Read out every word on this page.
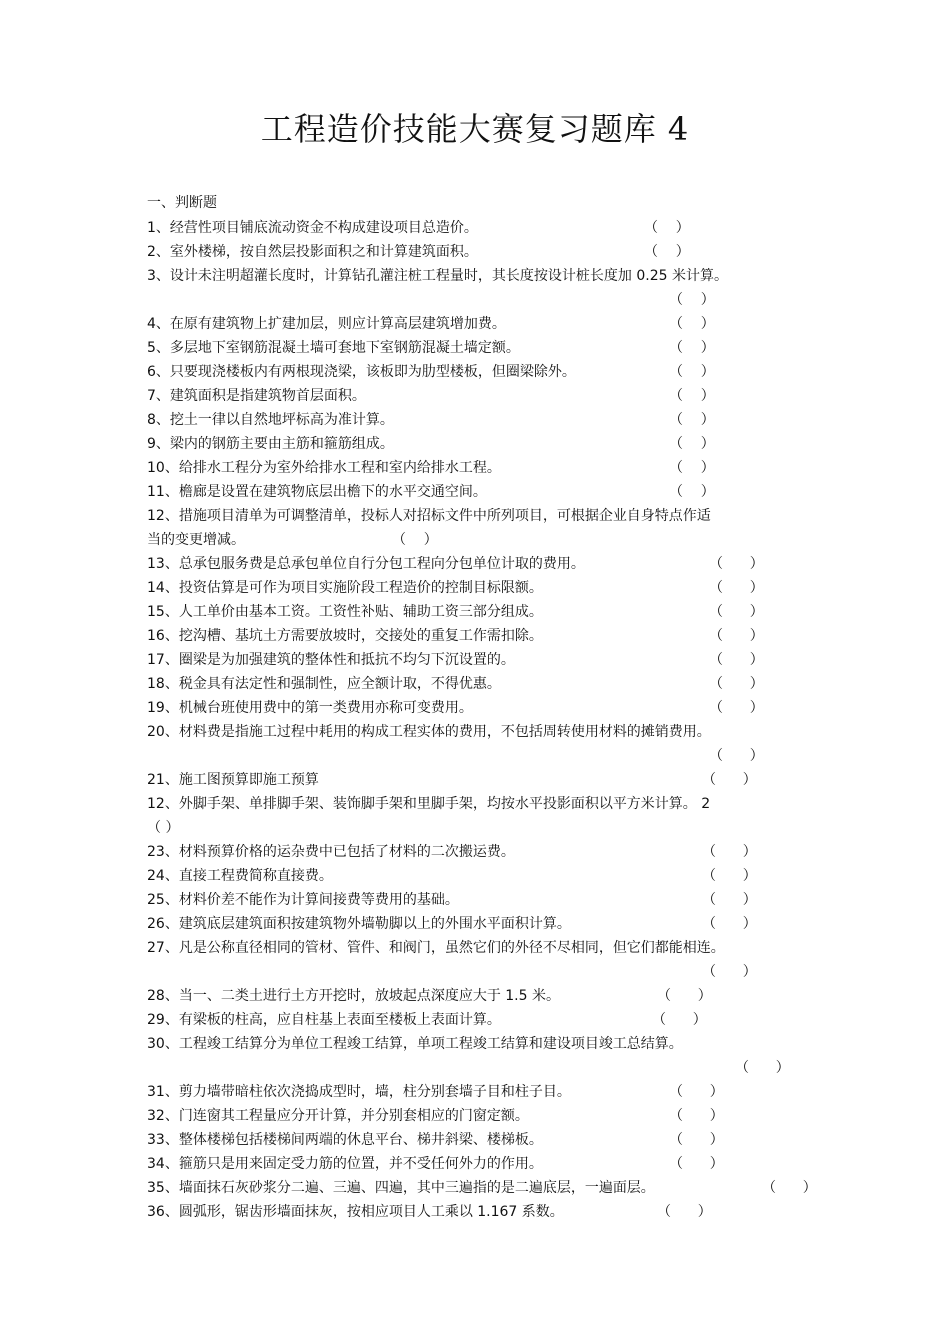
工程造价技能大赛复习题库 4
一、判断题
1、经营性项目铺底流动资金不构成建设项目总造价。	（    ）
2、室外楼梯，按自然层投影面积之和计算建筑面积。	（    ）
3、设计未注明超灌长度时，计算钻孔灌注桩工程量时，其长度按设计桩长度加 0.25 米计算。
（    ）
4、在原有建筑物上扩建加层，则应计算高层建筑增加费。	（    ）
5、多层地下室钢筋混凝土墙可套地下室钢筋混凝土墙定额。	（    ）
6、只要现浇楼板内有两根现浇梁，该板即为肋型楼板，但圈梁除外。	（    ）
7、建筑面积是指建筑物首层面积。	（    ）
8、挖土一律以自然地坪标高为准计算。	（    ）
9、梁内的钢筋主要由主筋和箍筋组成。	（    ）
10、给排水工程分为室外给排水工程和室内给排水工程。	（    ）
11、檐廊是设置在建筑物底层出檐下的水平交通空间。	（    ）
12、措施项目清单为可调整清单，投标人对招标文件中所列项目，可根据企业自身特点作适
当的变更增减。	（    ）
13、总承包服务费是总承包单位自行分包工程向分包单位计取的费用。	（      ）
14、投资估算是可作为项目实施阶段工程造价的控制目标限额。	（      ）
15、人工单价由基本工资。工资性补贴、辅助工资三部分组成。	（      ）
16、挖沟槽、基坑土方需要放坡时，交接处的重复工作需扣除。	（      ）
17、圈梁是为加强建筑的整体性和抵抗不均匀下沉设置的。	（      ）
18、税金具有法定性和强制性，应全额计取，不得优惠。	（      ）
19、机械台班使用费中的第一类费用亦称可变费用。	（      ）
20、材料费是指施工过程中耗用的构成工程实体的费用，不包括周转使用材料的摊销费用。
（      ）
21、施工图预算即施工预算	（      ）
12、外脚手架、单排脚手架、装饰脚手架和里脚手架，均按水平投影面积以平方米计算。 2
（ ）
23、材料预算价格的运杂费中已包括了材料的二次搬运费。	（      ）
24、直接工程费简称直接费。	（      ）
25、材料价差不能作为计算间接费等费用的基础。	（      ）
26、建筑底层建筑面积按建筑物外墙勒脚以上的外围水平面积计算。	（      ）
27、凡是公称直径相同的管材、管件、和阀门，虽然它们的外径不尽相同，但它们都能相连。
（      ）
28、当一、二类土进行土方开挖时，放坡起点深度应大于 1.5 米。	（      ）
29、有梁板的柱高，应自柱基上表面至楼板上表面计算。	（      ）
30、工程竣工结算分为单位工程竣工结算，单项工程竣工结算和建设项目竣工总结算。
（      ）
31、剪力墙带暗柱依次浇捣成型时，墙，柱分别套墙子目和柱子目。	（      ）
32、门连窗其工程量应分开计算，并分别套相应的门窗定额。	（      ）
33、整体楼梯包括楼梯间两端的休息平台、梯井斜梁、楼梯板。	（      ）
34、箍筋只是用来固定受力筋的位置，并不受任何外力的作用。	（      ）
35、墙面抹石灰砂浆分二遍、三遍、四遍，其中三遍指的是二遍底层，一遍面层。	（      ）
36、圆弧形，锯齿形墙面抹灰，按相应项目人工乘以 1.167 系数。	（      ）
